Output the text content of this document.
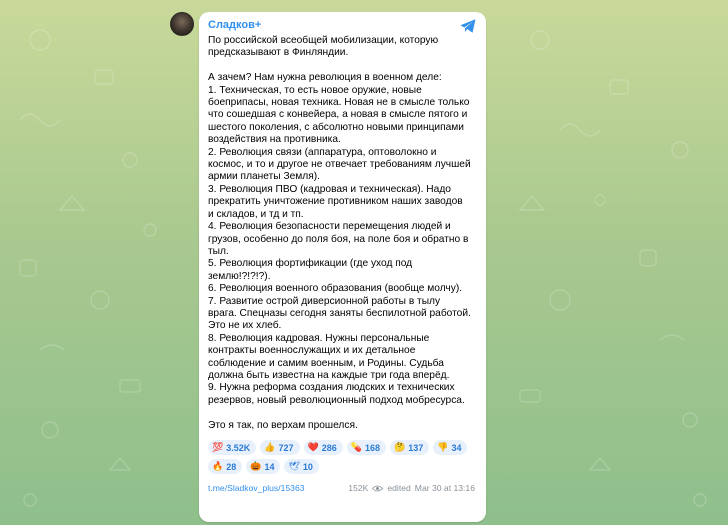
Сладков+
По российской всеобщей мобилизации, которую
предсказывают в Финляндии.

А зачем? Нам нужна революция в военном деле:
1. Техническая, то есть новое оружие, новые
боеприпасы, новая техника. Новая не в смысле только
что сошедшая с конвейера, а новая в смысле пятого и
шестого поколения, с абсолютно новыми принципами
воздействия на противника.
2. Революция связи (аппаратура, оптоволокно и
космос, и то и другое не отвечает требованиям лучшей
армии планеты Земля).
3. Революция ПВО (кадровая и техническая). Надо
прекратить уничтожение противником наших заводов
и складов, и тд и тп.
4. Революция безопасности перемещения людей и
грузов, особенно до поля боя, на поле боя и обратно в
тыл.
5. Революция фортификации (где уход под
землю!?!?!?).
6. Революция военного образования (вообще молчу).
7. Развитие острой диверсионной работы в тылу
врага. Спецназы сегодня заняты беспилотной работой.
Это не их хлеб.
8. Революция кадровая. Нужны персональные
контракты военнослужащих и их детальное
соблюдение и самим военным, и Родины. Судьба
должна быть известна на каждые три года вперёд.
9. Нужна реформа создания людских и технических
резервов, новый революционный подход мобресурса.

Это я так, по верхам прошелся.
💯 3.52K 👍 727 ❤️ 286 💊 168 🤔 137 👎 34
🔥 28 🎃 14 🕊 10
t.me/Sladkov_plus/15363	152K edited Mar 30 at 13:16
